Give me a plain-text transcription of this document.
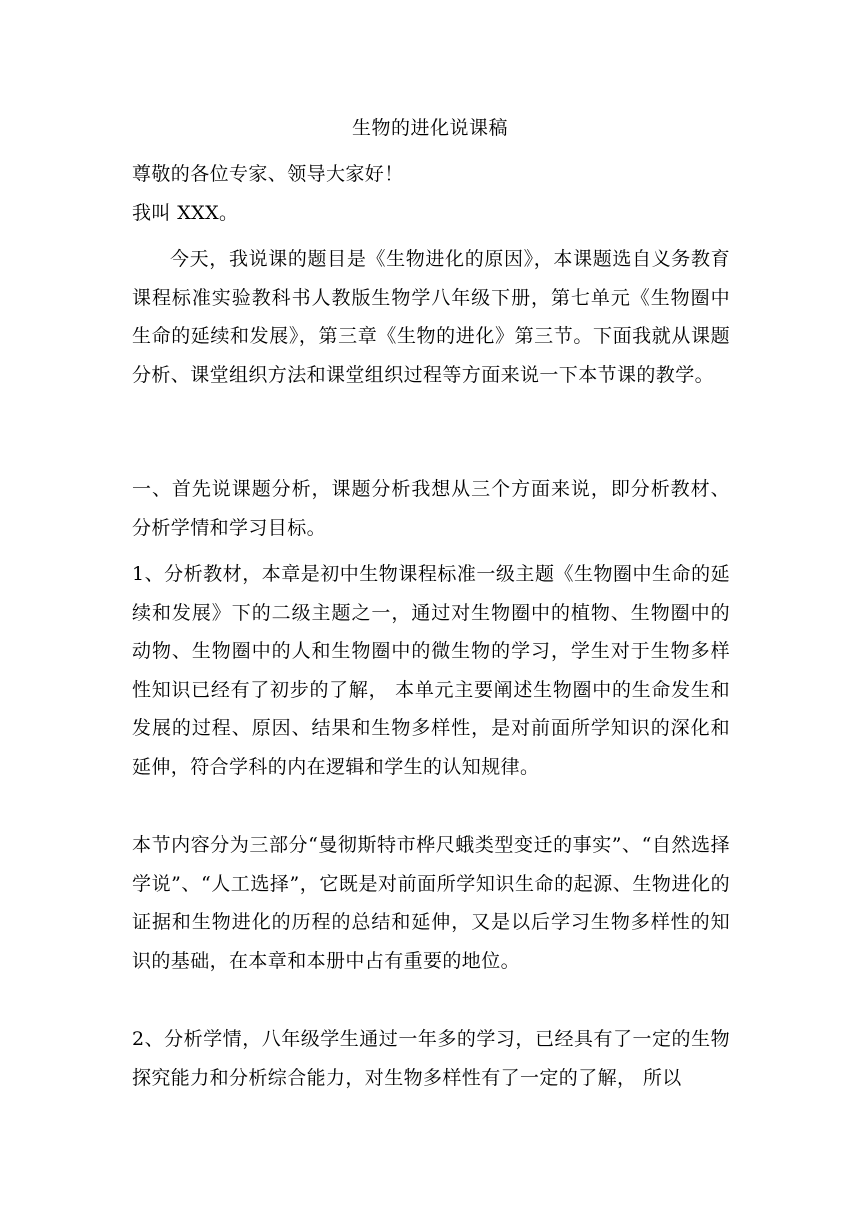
生物的进化说课稿

尊敬的各位专家、领导大家好！

我叫 XXX。

今天，我说课的题目是《生物进化的原因》，本课题选自义务教育课程标准实验教科书人教版生物学八年级下册，第七单元《生物圈中生命的延续和发展》，第三章《生物的进化》第三节。下面我就从课题分析、课堂组织方法和课堂组织过程等方面来说一下本节课的教学。

一、首先说课题分析，课题分析我想从三个方面来说，即分析教材、分析学情和学习目标。

1、分析教材，本章是初中生物课程标准一级主题《生物圈中生命的延续和发展》下的二级主题之一，通过对生物圈中的植物、生物圈中的动物、生物圈中的人和生物圈中的微生物的学习，学生对于生物多样性知识已经有了初步的了解， 本单元主要阐述生物圈中的生命发生和发展的过程、原因、结果和生物多样性，是对前面所学知识的深化和延伸，符合学科的内在逻辑和学生的认知规律。

本节内容分为三部分“曼彻斯特市桦尺蛾类型变迁的事实”、“自然选择学说”、“人工选择”，它既是对前面所学知识生命的起源、生物进化的证据和生物进化的历程的总结和延伸，又是以后学习生物多样性的知识的基础，在本章和本册中占有重要的地位。

2、分析学情，八年级学生通过一年多的学习，已经具有了一定的生物探究能力和分析综合能力，对生物多样性有了一定的了解， 所以
